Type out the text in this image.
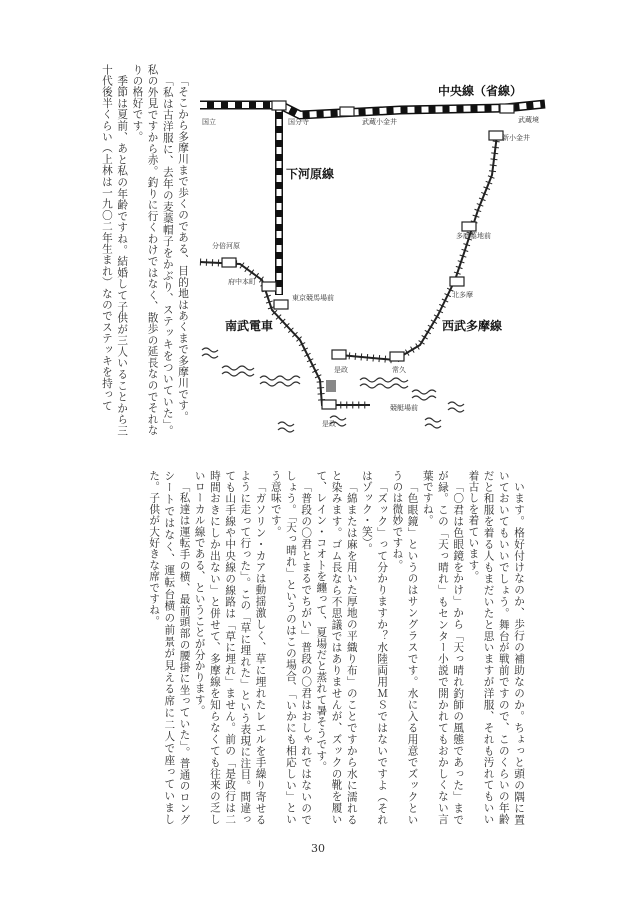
中央線（省線）
下河原線
南武電車	西武多摩線
国立	国分寺	武蔵小金井	武蔵境
新小金井
多磨墓地前
北多摩
分倍河原
府中本町
東京競馬場前
是政	常久
競艇場前
是政

「そこから多摩川まで歩くのである、目的地はあくまで多摩川です。

「私は古洋服に、去年の麦藁帽子をかぶり、ステッキをついていた」。私の外見ですから赤。釣りに行くわけではなく、散歩の延長なのでそれなりの格好です。

季節は夏前、あと私の年齢ですね。結婚して子供が三人いることから三十代後半くらい（上林は一九〇二年生まれ）なのでステッキを持って

います。格好付けなのか、歩行の補助なのか。ちょっと頭の隅に置いておいてもいいでしょう。舞台が戦前ですので、このくらいの年齢だと和服を着る人もまだいたと思いますが洋服、それも汚れてもいい着古しを着ています。

「〇君は色眼鏡をかけ」から「天っ晴れ釣師の風態であった」までが緑。この「天っ晴れ」もセンター小説で開かれてもおかしくない言葉ですね。

「色眼鏡」というのはサングラスです。水に入る用意でズックというのは微妙ですね。

「ズック」って分かりますか？水陸両用ＭＳではないですよ（それはゾック・笑）。

「綿または麻を用いた厚地の平織り布」のことですから水に濡れると染みます。ゴム長なら不思議ではありませんが、ズックの靴を履いて、レイン・コオトを纏って、夏場だと蒸れて暑そうです。

「普段の〇君とまるでちがい」普段の〇君はおしゃれではないのでしょう。「天っ晴れ」というのはこの場合、「いかにも相応しい」という意味です。

「ガソリン・カアは動揺激しく、草に埋れたレエルを手繰り寄せるように走って行った」。この「草に埋れた」という表現に注目。間違っても山手線や中央線の線路は「草に埋れ」ません。前の「是政行は二時間おきにしか出ない」と併せて、多摩線を知らなくても往来の乏しいローカル線である、ということが分かります。

「私達は運転手の横、最前頭部の腰掛に坐っていた」。普通のロングシートではなく、運転台横の前景が見える席に二人で座っていました。子供が大好きな席ですね。

30
